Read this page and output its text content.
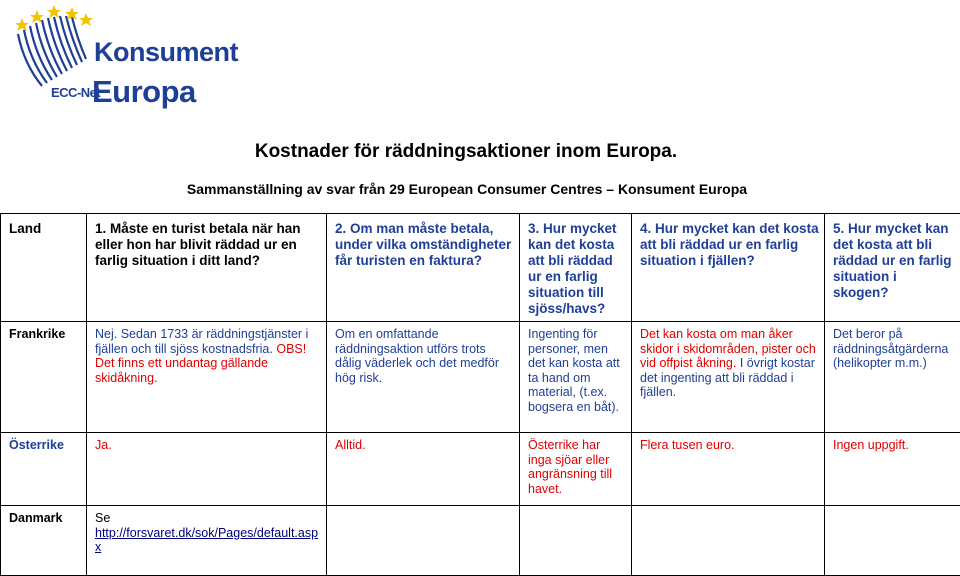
Konsument
Europa
ECC-Net
Kostnader för räddningsaktioner inom Europa.
Sammanställning av svar från 29 European Consumer Centres – Konsument Europa
Land	1. Måste en turist betala när han eller hon har blivit räddad ur en farlig situation i ditt land?	2. Om man måste betala, under vilka omständigheter får turisten en faktura?	3. Hur mycket kan det kosta att bli räddad ur en farlig situation till sjöss/havs?	4. Hur mycket kan det kosta att bli räddad ur en farlig situation i fjällen?	5. Hur mycket kan det kosta att bli räddad ur en farlig situation i skogen?
Frankrike	Nej. Sedan 1733 är räddningstjänster i fjällen och till sjöss kostnadsfria. OBS! Det finns ett undantag gällande skidåkning.	Om en omfattande räddningsaktion utförs trots dålig väderlek och det medför hög risk.	Ingenting för personer, men det kan kosta att ta hand om material, (t.ex. bogsera en båt).	Det kan kosta om man åker skidor i skidområden, pister och vid offpist åkning. I övrigt kostar det ingenting att bli räddad i fjällen.	Det beror på räddningsåtgärderna (helikopter m.m.)
Österrike	Ja.	Alltid.	Österrike har inga sjöar eller angränsning till havet.	Flera tusen euro.	Ingen uppgift.
Danmark	Se
http://forsvaret.dk/sok/Pages/default.aspx				
